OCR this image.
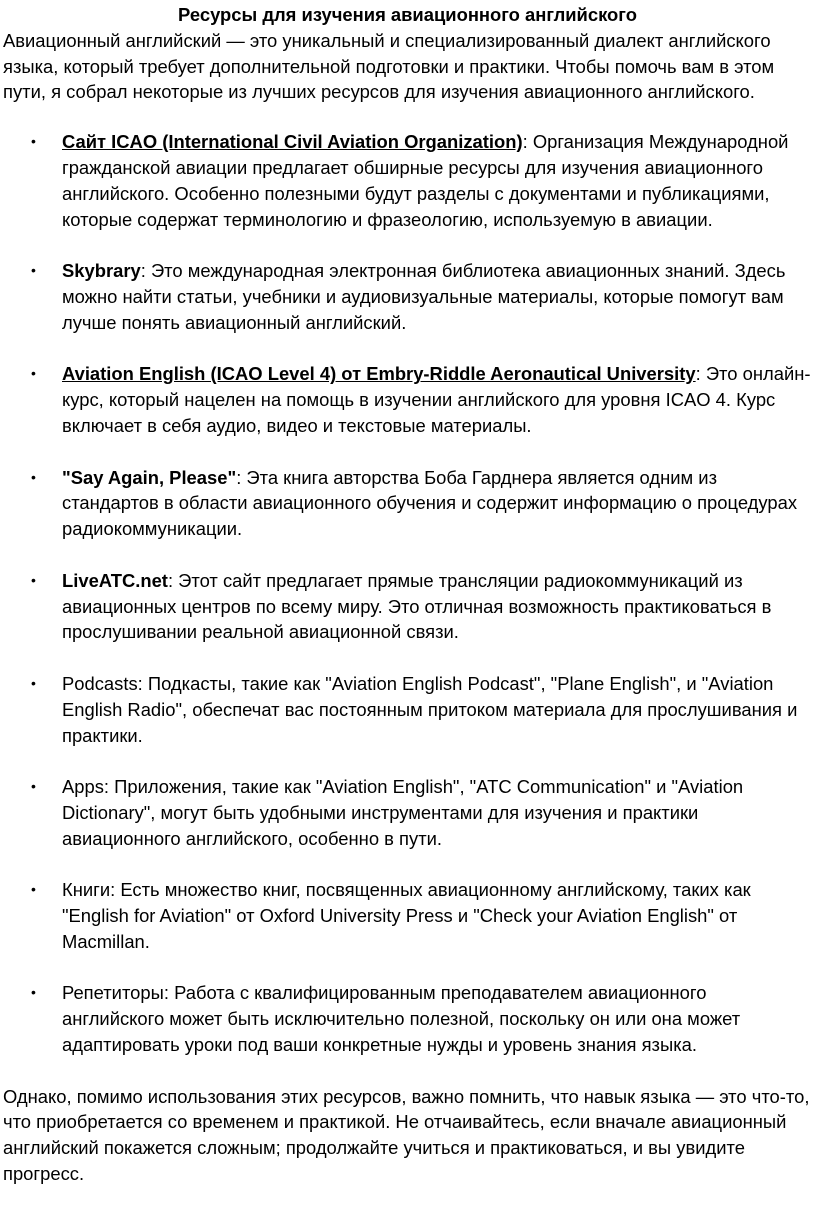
Ресурсы для изучения авиационного английского

Авиационный английский — это уникальный и специализированный диалект английского языка, который требует дополнительной подготовки и практики. Чтобы помочь вам в этом пути, я собрал некоторые из лучших ресурсов для изучения авиационного английского.

• Сайт ICAO (International Civil Aviation Organization): Организация Международной гражданской авиации предлагает обширные ресурсы для изучения авиационного английского. Особенно полезными будут разделы с документами и публикациями, которые содержат терминологию и фразеологию, используемую в авиации.
• Skybrary: Это международная электронная библиотека авиационных знаний. Здесь можно найти статьи, учебники и аудиовизуальные материалы, которые помогут вам лучше понять авиационный английский.
• Aviation English (ICAO Level 4) от Embry-Riddle Aeronautical University: Это онлайн-курс, который нацелен на помощь в изучении английского для уровня ICAO 4. Курс включает в себя аудио, видео и текстовые материалы.
• "Say Again, Please": Эта книга авторства Боба Гарднера является одним из стандартов в области авиационного обучения и содержит информацию о процедурах радиокоммуникации.
• LiveATC.net: Этот сайт предлагает прямые трансляции радиокоммуникаций из авиационных центров по всему миру. Это отличная возможность практиковаться в прослушивании реальной авиационной связи.
• Podcasts: Подкасты, такие как "Aviation English Podcast", "Plane English", и "Aviation English Radio", обеспечат вас постоянным притоком материала для прослушивания и практики.
• Apps: Приложения, такие как "Aviation English", "ATC Communication" и "Aviation Dictionary", могут быть удобными инструментами для изучения и практики авиационного английского, особенно в пути.
• Книги: Есть множество книг, посвященных авиационному английскому, таких как "English for Aviation" от Oxford University Press и "Check your Aviation English" от Macmillan.
• Репетиторы: Работа с квалифицированным преподавателем авиационного английского может быть исключительно полезной, поскольку он или она может адаптировать уроки под ваши конкретные нужды и уровень знания языка.

Однако, помимо использования этих ресурсов, важно помнить, что навык языка — это что-то, что приобретается со временем и практикой. Не отчаивайтесь, если вначале авиационный английский покажется сложным; продолжайте учиться и практиковаться, и вы увидите прогресс.
